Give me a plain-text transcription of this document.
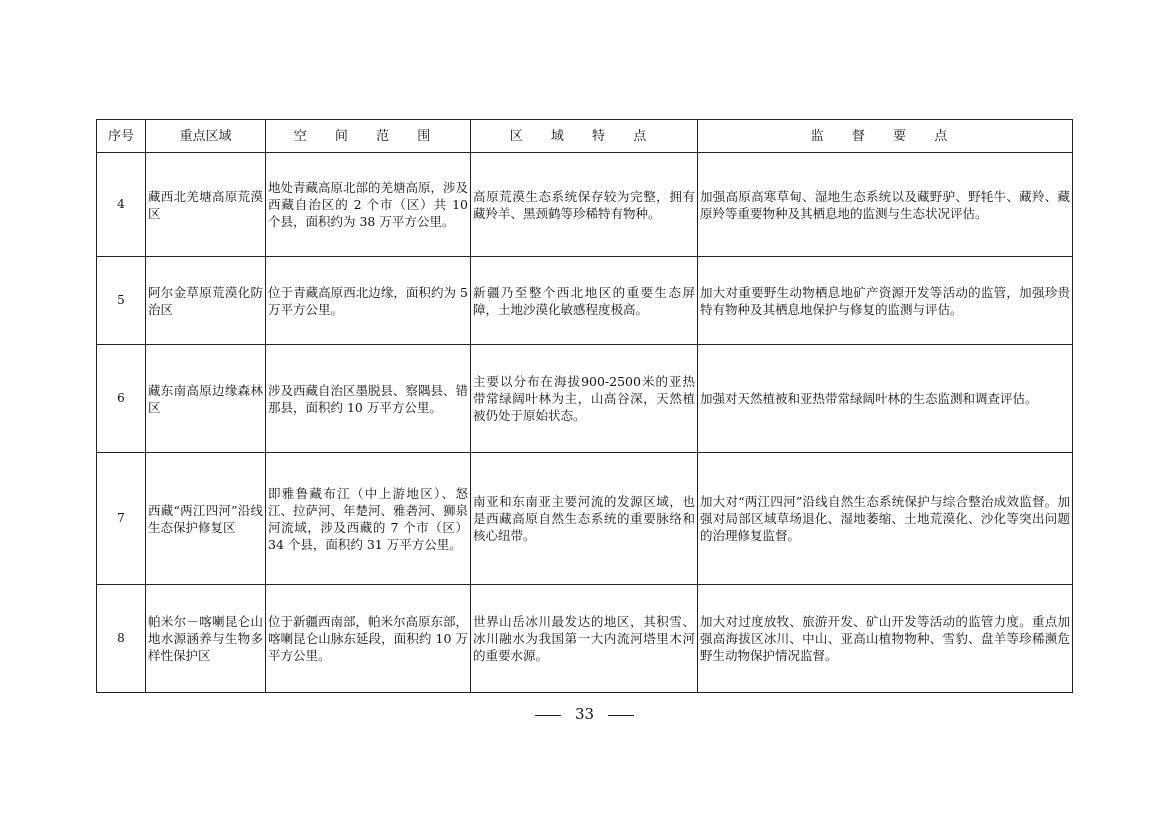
序号	重点区域	空 间 范 围	区 域 特 点	监 督 要 点
4	藏西北羌塘高原荒漠区	地处青藏高原北部的羌塘高原，涉及西藏自治区的 2 个市（区）共 10 个县，面积约为 38 万平方公里。	高原荒漠生态系统保存较为完整，拥有藏羚羊、黑颈鹤等珍稀特有物种。	加强高原高寒草甸、湿地生态系统以及藏野驴、野牦牛、藏羚、藏原羚等重要物种及其栖息地的监测与生态状况评估。
5	阿尔金草原荒漠化防治区	位于青藏高原西北边缘，面积约为 5 万平方公里。	新疆乃至整个西北地区的重要生态屏障，土地沙漠化敏感程度极高。	加大对重要野生动物栖息地矿产资源开发等活动的监管，加强珍贵特有物种及其栖息地保护与修复的监测与评估。
6	藏东南高原边缘森林区	涉及西藏自治区墨脱县、察隅县、错那县，面积约 10 万平方公里。	主要以分布在海拔900-2500米的亚热带常绿阔叶林为主，山高谷深，天然植被仍处于原始状态。	加强对天然植被和亚热带常绿阔叶林的生态监测和调查评估。
7	西藏“两江四河”沿线生态保护修复区	即雅鲁藏布江（中上游地区）、怒江、拉萨河、年楚河、雅砻河、狮泉河流域，涉及西藏的 7 个市（区）34 个县，面积约 31 万平方公里。	南亚和东南亚主要河流的发源区域，也是西藏高原自然生态系统的重要脉络和核心纽带。	加大对“两江四河”沿线自然生态系统保护与综合整治成效监督。加强对局部区域草场退化、湿地萎缩、土地荒漠化、沙化等突出问题的治理修复监督。
8	帕米尔－喀喇昆仑山地水源涵养与生物多样性保护区	位于新疆西南部，帕米尔高原东部，喀喇昆仑山脉东延段，面积约 10 万平方公里。	世界山岳冰川最发达的地区，其积雪、冰川融水为我国第一大内流河塔里木河的重要水源。	加大对过度放牧、旅游开发、矿山开发等活动的监管力度。重点加强高海拔区冰川、中山、亚高山植物物种、雪豹、盘羊等珍稀濒危野生动物保护情况监督。
33
